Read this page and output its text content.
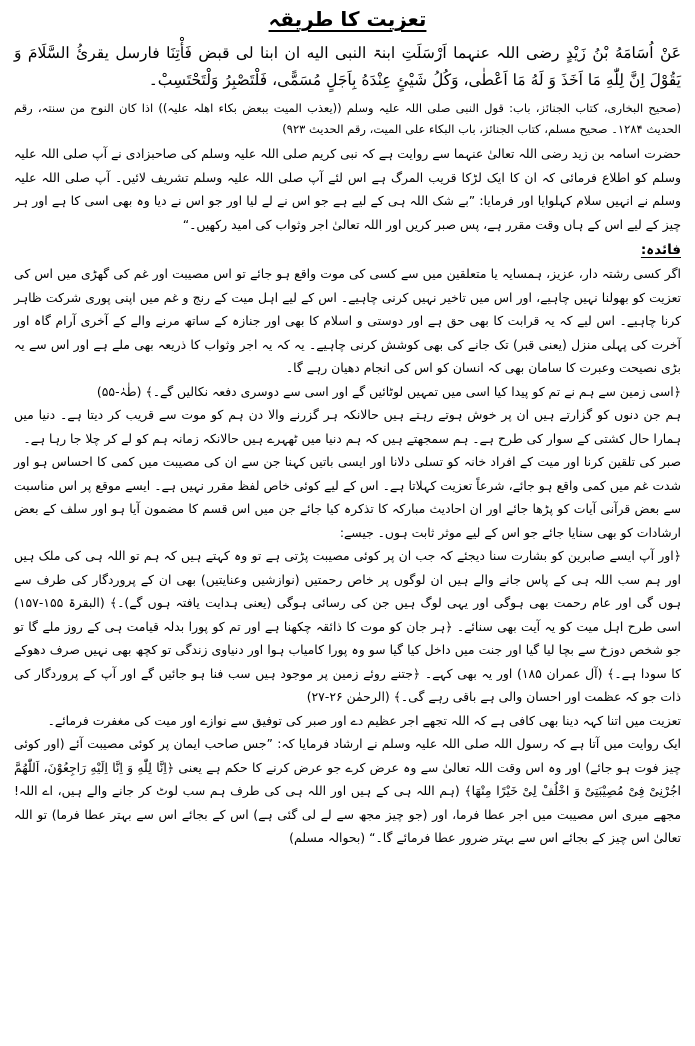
تعزیت کا طریقہ

عَنْ اُسَامَهُ بْنُ زَيْدٍ رضی اللہ عنہما اَرْسَلَتِ ابنۃ النبی الیه ان ابنا لی قبض فَأْتِنَا فارسل یقرئُ السَّلَامَ وَ یَقُوْلَ اِنَّ لِلّٰهِ مَا اَخَذَ وَ لَهُ مَا اَعْطٰی، وَکُلُ شَیْئٍ عِنْدَهُ بِاَجَلٍ مُسَمًّی، فَلْتَصْبِرُ وَلْتَحْتَسِبْ۔

(صحیح البخاری، کتاب الجنائز، باب: قول النبی صلی اللہ علیہ وسلم ((یعذب المیت ببعض بکاء اھلہ علیہ)) اذا کان النوح من سنتہ، رقم الحدیث ۱۲۸۴۔ صحیح مسلم، کتاب الجنائز، باب البکاء علی المیت، رقم الحدیث ۹۲۳)

حضرت اسامہ بن زید رضی اللہ تعالیٰ عنہما سے روایت ہے کہ نبی کریم صلی اللہ علیہ وسلم کی صاحبزادی نے آپ صلی اللہ علیہ وسلم کو اطلاع فرمائی کہ ان کا ایک لڑکا قریب المرگ ہے اس لئے آپ صلی اللہ علیہ وسلم تشریف لائیں۔ آپ صلی اللہ علیہ وسلم نے انہیں سلام کہلوایا اور فرمایا: ”بے شک اللہ ہی کے لیے ہے جو اس نے لے لیا اور جو اس نے دیا وہ بھی اسی کا ہے اور ہر چیز کے لیے اس کے ہاں وقت مقرر ہے، پس صبر کریں اور اللہ تعالیٰ اجر وثواب کی امید رکھیں۔“

فائدہ:

اگر کسی رشتہ دار، عزیز، ہمسایہ یا متعلقین میں سے کسی کی موت واقع ہو جائے تو اس مصیبت اور غم کی گھڑی میں اس کی تعزیت کو بھولنا نہیں چاہیے، اور اس میں تاخیر نہیں کرنی چاہیے۔ اس کے لیے اہل میت کے رنج و غم میں اپنی پوری شرکت ظاہر کرنا چاہیے۔ اس لیے کہ یہ قرابت کا بھی حق ہے اور دوستی و اسلام کا بھی اور جنازہ کے ساتھ مرنے والے کے آخری آرام گاہ اور آخرت کی پہلی منزل (یعنی قبر) تک جانے کی بھی کوشش کرنی چاہیے۔ یہ کہ یہ اجر وثواب کا ذریعہ بھی ملے ہے اور اس سے یہ بڑی نصیحت وعبرت کا سامان بھی کہ انسان کو اس کی انجام دھیان رہے گا۔

﴿اسی زمین سے ہم نے تم کو پیدا کیا اسی میں تمہیں لوٹائیں گے اور اسی سے دوسری دفعہ نکالیں گے۔﴾ (طٰہٰ-۵۵)

ہم جن دنوں کو گزارتے ہیں ان پر خوش ہوتے رہتے ہیں حالانکہ ہر گزرنے والا دن ہم کو موت سے قریب کر دیتا ہے۔ دنیا میں ہمارا حال کشتی کے سوار کی طرح ہے۔ ہم سمجھتے ہیں کہ ہم دنیا میں ٹھہرے ہیں حالانکہ زمانہ ہم کو لے کر چلا جا رہا ہے۔

صبر کی تلقین کرنا اور میت کے افراد خانہ کو تسلی دلانا اور ایسی باتیں کہنا جن سے ان کی مصیبت میں کمی کا احساس ہو اور شدت غم میں کمی واقع ہو جائے، شرعاً تعزیت کہلاتا ہے۔ اس کے لیے کوئی خاص لفظ مقرر نہیں ہے۔ ایسے موقع پر اس مناسبت سے بعض قرآنی آیات کو پڑھا جائے اور ان احادیث مبارکہ کا تذکرہ کیا جائے جن میں اس قسم کا مضمون آیا ہو اور سلف کے بعض ارشادات کو بھی سنایا جائے جو اس کے لیے موثر ثابت ہوں۔ جیسے:

﴿اور آپ ایسے صابرین کو بشارت سنا دیجئے کہ جب ان پر کوئی مصیبت پڑتی ہے تو وہ کہتے ہیں کہ ہم تو اللہ ہی کی ملک ہیں اور ہم سب اللہ ہی کے پاس جانے والے ہیں ان لوگوں پر خاص رحمتیں (نوازشیں وعنایتیں) بھی ان کے پروردگار کی طرف سے ہوں گی اور عام رحمت بھی ہوگی اور یہی لوگ ہیں جن کی رسائی ہوگی (یعنی ہدایت یافتہ ہوں گے)۔﴾ (البقرۃ ۱۵۵-۱۵۷) اسی طرح اہل میت کو یہ آیت بھی سنائے۔ ﴿ہر جان کو موت کا ذائقہ چکھنا ہے اور تم کو پورا بدلہ قیامت ہی کے روز ملے گا تو جو شخص دوزخ سے بچا لیا گیا اور جنت میں داخل کیا گیا سو وہ پورا کامیاب ہوا اور دنیاوی زندگی تو کچھ بھی نہیں صرف دھوکے کا سودا ہے۔﴾ (آل عمران ۱۸۵) اور یہ بھی کہے۔ ﴿جتنے روئے زمین پر موجود ہیں سب فنا ہو جائیں گے اور آپ کے پروردگار کی ذات جو کہ عظمت اور احسان والی ہے باقی رہے گی۔﴾ (الرحمٰن ۲۶-۲۷)

تعزیت میں اتنا کہہ دینا بھی کافی ہے کہ اللہ تجھے اجر عظیم دے اور صبر کی توفیق سے نوازے اور میت کی مغفرت فرمائے۔

ایک روایت میں آتا ہے کہ رسول اللہ صلی اللہ علیہ وسلم نے ارشاد فرمایا کہ: ”جس صاحب ایمان پر کوئی مصیبت آئے (اور کوئی چیز فوت ہو جائے) اور وہ اس وقت اللہ تعالیٰ سے وہ عرض کرے جو عرض کرنے کا حکم ہے یعنی ﴿اِنَّا لِلّٰهِ وَ اِنَّا اِلَيْهِ رَاجِعُوْنَ، اَللّٰهُمَّ اجُرْنِیْ فِیْ مُصِيْبَتِیْ وَ اخْلُفْ لِیْ خَيْرًا مِنْهَا﴾ (ہم اللہ ہی کے ہیں اور اللہ ہی کی طرف ہم سب لوٹ کر جانے والے ہیں، اے اللہ! مجھے میری اس مصیبت میں اجر عطا فرما، اور (جو چیز مجھ سے لے لی گئی ہے) اس کے بجائے اس سے بہتر عطا فرما) تو اللہ تعالیٰ اس چیز کے بجائے اس سے بہتر ضرور عطا فرمائے گا۔“ (بحوالہ مسلم)
